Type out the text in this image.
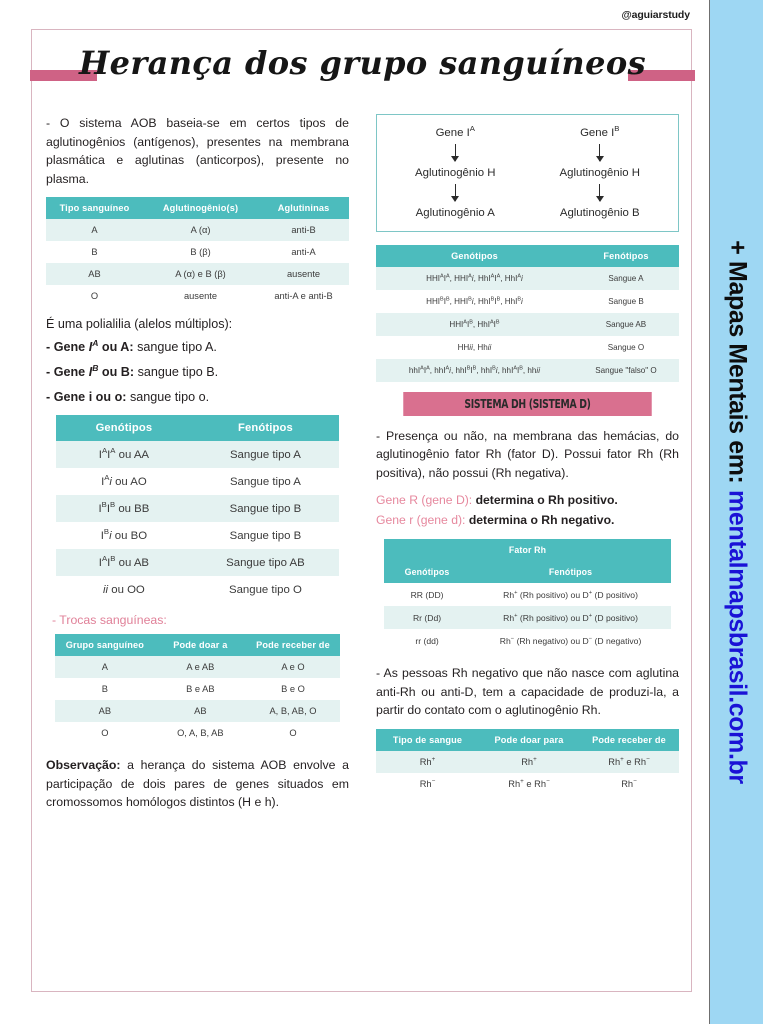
@aguiarstudy
Herança dos grupo sanguíneos

- O sistema AOB baseia-se em certos tipos de aglutinogênios (antígenos), presentes na membrana plasmática e aglutinas (anticorpos), presente no plasma.

Tipo sanguíneo	Aglutinogênio(s)	Aglutininas
A	A (α)	anti-B
B	B (β)	anti-A
AB	A (α) e B (β)	ausente
O	ausente	anti-A e anti-B
É uma polialilia (alelos múltiplos):
- Gene $I^A$ ou A: sangue tipo A.
- Gene $I^B$ ou B: sangue tipo B.
- Gene i ou o: sangue tipo o.
Genótipos	Fenótipos
$I^AI^A$ ou AA	Sangue tipo A
$I^Ai$ ou AO	Sangue tipo A
$I^BI^B$ ou BB	Sangue tipo B
$I^Bi$ ou BO	Sangue tipo B
$I^AI^B$ ou AB	Sangue tipo AB
ii ou OO	Sangue tipo O
- Trocas sanguíneas:
Grupo sanguíneo	Pode doar a	Pode receber de
A	A e AB	A e O
B	B e AB	B e O
AB	AB	A, B, AB, O
O	O, A, B, AB	O

Observação: a herança do sistema AOB envolve a participação de dois pares de genes situados em cromossomos homólogos distintos (H e h).

Gene $I^A$
Aglutinogênio H
Aglutinogênio A
Gene $I^B$
Aglutinogênio H
Aglutinogênio B
Genótipos	Fenótipos
$HHI^AI^A$, $HHI^Ai$, $HhI^AI^A$, HhI$^A$i	Sangue A
$HHI^BI^B$, $HHI^Bi$, $HhI^BI^B$, HhI$^B$i	Sangue B
$HHI^AI^B$, $HhI^AI^B$	Sangue AB
HHii, Hhii	Sangue O
$hhI^AI^A$, hhI$^A$i, $hhI^BI^B$, hhI$^B$i, $hhI^AI^B$, hhii	Sangue "falso" O
SISTEMA DH (SISTEMA D)

- Presença ou não, na membrana das hemácias, do aglutinogênio fator Rh (fator D). Possui fator Rh (Rh positiva), não possui (Rh negativa).

Gene R (gene D): determina o Rh positivo.
Gene r (gene d): determina o Rh negativo.
Fator Rh	
Genótipos	Fenótipos
RR (DD)	Rh+ (Rh positivo) ou D+ (D positivo)
Rr (Dd)	Rh+ (Rh positivo) ou D+ (D positivo)
rr (dd)	Rh− (Rh negativo) ou D− (D negativo)

- As pessoas Rh negativo que não nasce com aglutina anti-Rh ou anti-D, tem a capacidade de produzi-la, a partir do contato com o aglutinogênio Rh.

Tipo de sangue	Pode doar para	Pode receber de
Rh+	Rh+	Rh+ e Rh−
Rh−	Rh+ e Rh−	Rh−
+ Mapas Mentais em: mentalmapsbrasil.com.br
